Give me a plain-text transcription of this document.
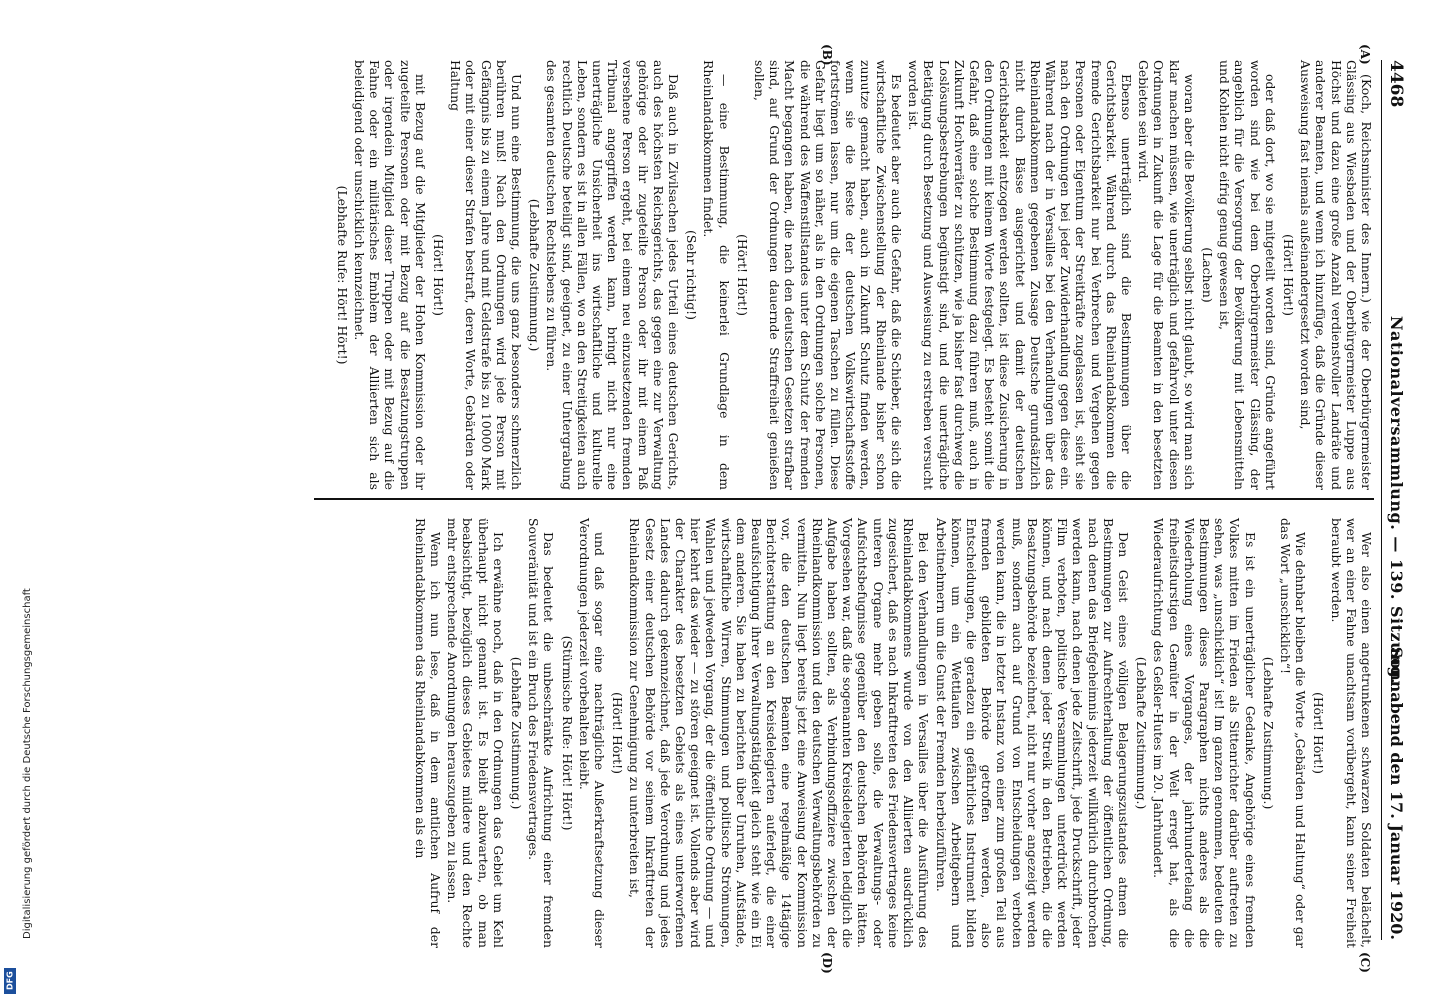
4468
Nationalversammlung. — 139. Sitzung.
Sonnabend den 17. Januar 1920.
(A)
(B)
(C)
(D)

(Koch, Reichsminister des Innern.) wie der Oberbürgermeister Glässing aus Wiesbaden und der Oberbürgermeister Luppe aus Höchst und dazu eine große Anzahl verdienstvoller Landräte und anderer Beamten, und wenn ich hinzufüge, daß die Gründe dieser Ausweisung fast niemals außeinandergesetzt worden sind,

(Hört! Hört!)

oder daß dort, wo sie mitgeteilt worden sind, Gründe angeführt worden sind wie bei dem Oberbürgermeister Glässing, der angeblich für die Versorgung der Bevölkerung mit Lebensmitteln und Kohlen nicht eifrig genug gewesen ist,

(Lachen)

woran aber die Bevölkerung selbst nicht glaubt, so wird man sich klar machen müssen, wie unerträglich und gefahrvoll unter diesen Ordnungen in Zukunft die Lage für die Beamten in den besetzten Gebieten sein wird.

Ebenso unerträglich sind die Bestimmungen über die Gerichtsbarkeit. Während durch das Rheinlandabkommen die fremde Gerichtsbarkeit nur bei Verbrechen und Vergehen gegen Personen oder Eigentum der Streitkräfte zugelassen ist, sieht sie nach den Ordnungen bei jeder Zuwiderhandlung gegen diese ein. Während nach der in Versailles bei den Verhandlungen über das Rheinlandabkommen gegebenen Zusage Deutsche grundsätzlich nicht durch Bässe ausgerichtet und damit der deutschen Gerichtsbarkeit entzogen werden sollten, ist diese Zusicherung in den Ordnungen mit keinem Worte festgelegt. Es besteht somit die Gefahr, daß eine solche Bestimmung dazu führen muß, auch in Zukunft Hochverräter zu schützen, wie ja bisher fast durchweg die Loslösungsbestrebungen begünstigt sind, und die unerträgliche Betätigung durch Besetzung und Ausweisung zu erstreben versucht worden ist.

Es bedeutet aber auch die Gefahr, daß die Schieber, die sich die wirtschaftliche Zwischenstellung der Rheinlande bisher schon zunutze gemacht haben, auch in Zukunft Schutz finden werden, wenn sie die Reste der deutschen Volkswirtschaftsstoffe fortströmen lassen, nur um die eigenen Taschen zu füllen. Diese Gefahr liegt um so näher, als in den Ordnungen solche Personen, die während des Waffenstillstandes unter dem Schutz der fremden Macht begangen haben, die nach den deutschen Gesetzen strafbar sind, auf Grund der Ordnungen dauernde Straffreiheit genießen sollen,

(Hört! Hört!)

— eine Bestimmung, die keinerlei Grundlage in dem Rheinlandabkommen findet.

(Sehr richtig!)

Daß auch in Zivilsachen jedes Urteil eines deutschen Gerichts, auch des höchsten Reichsgerichts, das gegen eine zur Verwaltung gehörige oder ihr zugeteilte Person oder ihr mit einem Paß versehene Person ergeht, bei einem neu einzusetzenden fremden Tribunal angegriffen werden kann, bringt nicht nur eine unerträgliche Unsicherheit ins wirtschaftliche und kulturelle Leben, sondern es ist in allen Fällen, wo an den Streitigkeiten auch rechtlich Deutsche beteiligt sind, geeignet, zu einer Untergrabung des gesamten deutschen Rechtslebens zu führen.

(Lebhafte Zustimmung.)

Und nun eine Bestimmung, die uns ganz besonders schmerzlich berühren muß! Nach den Ordnungen wird jede Person mit Gefängnis bis zu einem Jahre und mit Geldstrafe bis zu 10000 Mark oder mit einer dieser Strafen bestraft, deren Worte, Gebärden oder Haltung

(Hört! Hört!)

mit Bezug auf die Mitglieder der Hohen Kommission oder ihr zugeteilte Personen oder mit Bezug auf die Besatzungstruppen oder irgendein Mitglied dieser Truppen oder mit Bezug auf die Fahne oder ein militärisches Emblem der Alliierten sich als beleidigend oder unschicklich kennzeichnet.

(Lebhafte Rufe: Hört! Hört!)

Wer also einen angetrunkenen schwarzen Soldaten belächelt, wer an einer Fahne unachtsam vorübergeht, kann seiner Freiheit beraubt werden.

(Hört! Hört!)

Wie dehnbar bleiben die Worte „Gebärden und Haltung“ oder gar das Wort „unschicklich“!

(Lebhafte Zustimmung.)

Es ist ein unerträglicher Gedanke, Angehörige eines fremden Volkes mitten im Frieden als Sittenrichter darüber auftreten zu sehen, was „unschicklich“ ist! Im ganzen genommen, bedeuten die Bestimmungen dieses Paragraphen nichts anderes als die Wiederholung eines Vorganges, der jahrhundertelang die freiheitsdurstigen Gemüter in der Welt erregt hat, als die Wiederaufrichtung des Geßler-Hutes im 20. Jahrhundert.

(Lebhafte Zustimmung.)

Den Geist eines völligen Belagerungszustandes atmen die Bestimmungen zur Aufrechterhaltung der öffentlichen Ordnung, nach denen das Briefgeheimnis jederzeit willkürlich durchbrochen werden kann, nach denen jede Zeitschrift, jede Druckschrift, jeder Film verboten, politische Versammlungen unterdrückt werden können, und nach denen jeder Streik in den Betrieben, die die Besatzungsbehörde bezeichnet, nicht nur vorher angezeigt werden muß, sondern auch auf Grund von Entscheidungen verboten werden kann, die in letzter Instanz von einer zum großen Teil aus fremden gebildeten Behörde getroffen werden, also Entscheidungen, die geradezu ein gefährliches Instrument bilden können, um ein Wettlaufen zwischen Arbeitgebern und Arbeitnehmern um die Gunst der Fremden herbeizuführen.

Bei den Verhandlungen in Versailles über die Ausführung des Rheinlandabkommens wurde von den Alliierten ausdrücklich zugesichert, daß es nach Inkrafttreten des Friedensvertrages keine unteren Organe mehr geben solle, die Verwaltungs- oder Aufsichtsbefugnisse gegenüber den deutschen Behörden hätten. Vorgesehen war, daß die sogenannten Kreisdelegierten lediglich die Aufgabe haben sollten, als Verbindungsoffiziere zwischen der Rheinlandkommission und den deutschen Verwaltungsbehörden zu vermitteln. Nun liegt bereits jetzt eine Anweisung der Kommission vor, die den deutschen Beamten eine regelmäßige 14tägige Berichterstattung an den Kreisdelegierten auferlegt, die einer Beaufsichtigung ihrer Verwaltungstätigkeit gleich steht wie ein Ei dem anderen. Sie haben zu berichten über Unruhen, Aufstände, wirtschaftliche Wirren, Stimmungen und politische Strömungen, Wahlen und jedweden Vorgang, der die öffentliche Ordnung — und hier kehrt das wieder — zu stören geeignet ist. Vollends aber wird der Charakter des besetzten Gebiets als eines unterworfenen Landes dadurch gekennzeichnet, daß jede Verordnung und jedes Gesetz einer deutschen Behörde vor seinem Inkrafttreten der Rheinlandkommission zur Genehmigung zu unterbreiten ist,

(Hört! Hört!)

und daß sogar eine nachträgliche Außerkraftsetzung dieser Verordnungen jederzeit vorbehalten bleibt.

(Stürmische Rufe: Hört! Hört!)

Das bedeutet die unbeschränkte Aufrichtung einer fremden Souveränität und ist ein Bruch des Friedensvertrages.

(Lebhafte Zustimmung.)

Ich erwähne noch, daß in den Ordnungen das Gebiet um Kehl überhaupt nicht genannt ist. Es bleibt abzuwarten, ob man beabsichtigt, bezüglich dieses Gebietes mildere und den Rechte mehr entsprechende Anordnungen herauszugeben zu lassen.

Wenn ich nun lese, daß in dem amtlichen Aufruf der Rheinlandabkommen das Rheinlandabkommen als ein

Digitalisierung gefördert durch die Deutsche Forschungsgemeinschaft
DFG
